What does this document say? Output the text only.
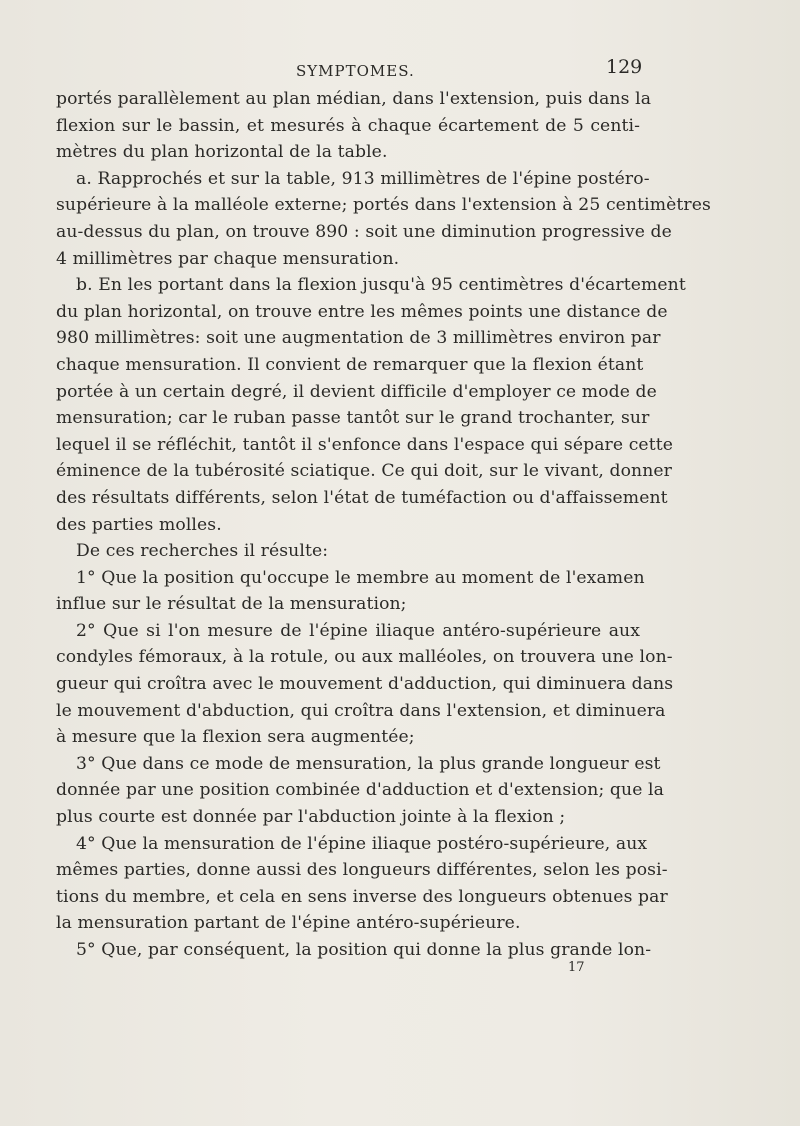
SYMPTOMES.	129
portés parallèlement au plan médian, dans l'extension, puis dans la
flexion sur le bassin, et mesurés à chaque écartement de 5 centi-
mètres du plan horizontal de la table.
a. Rapprochés et sur la table, 913 millimètres de l'épine postéro-
supérieure à la malléole externe; portés dans l'extension à 25 centimètres
au-dessus du plan, on trouve 890 : soit une diminution progressive de
4 millimètres par chaque mensuration.
b. En les portant dans la flexion jusqu'à 95 centimètres d'écartement
du plan horizontal, on trouve entre les mêmes points une distance de
980 millimètres: soit une augmentation de 3 millimètres environ par
chaque mensuration. Il convient de remarquer que la flexion étant
portée à un certain degré, il devient difficile d'employer ce mode de
mensuration; car le ruban passe tantôt sur le grand trochanter, sur
lequel il se réfléchit, tantôt il s'enfonce dans l'espace qui sépare cette
éminence de la tubérosité sciatique. Ce qui doit, sur le vivant, donner
des résultats différents, selon l'état de tuméfaction ou d'affaissement
des parties molles.
De ces recherches il résulte:
1° Que la position qu'occupe le membre au moment de l'examen
influe sur le résultat de la mensuration;
2° Que si l'on mesure de l'épine iliaque antéro-supérieure aux
condyles fémoraux, à la rotule, ou aux malléoles, on trouvera une lon-
gueur qui croîtra avec le mouvement d'adduction, qui diminuera dans
le mouvement d'abduction, qui croîtra dans l'extension, et diminuera
à mesure que la flexion sera augmentée;
3° Que dans ce mode de mensuration, la plus grande longueur est
donnée par une position combinée d'adduction et d'extension; que la
plus courte est donnée par l'abduction jointe à la flexion ;
4° Que la mensuration de l'épine iliaque postéro-supérieure, aux
mêmes parties, donne aussi des longueurs différentes, selon les posi-
tions du membre, et cela en sens inverse des longueurs obtenues par
la mensuration partant de l'épine antéro-supérieure.
5° Que, par conséquent, la position qui donne la plus grande lon-
17
